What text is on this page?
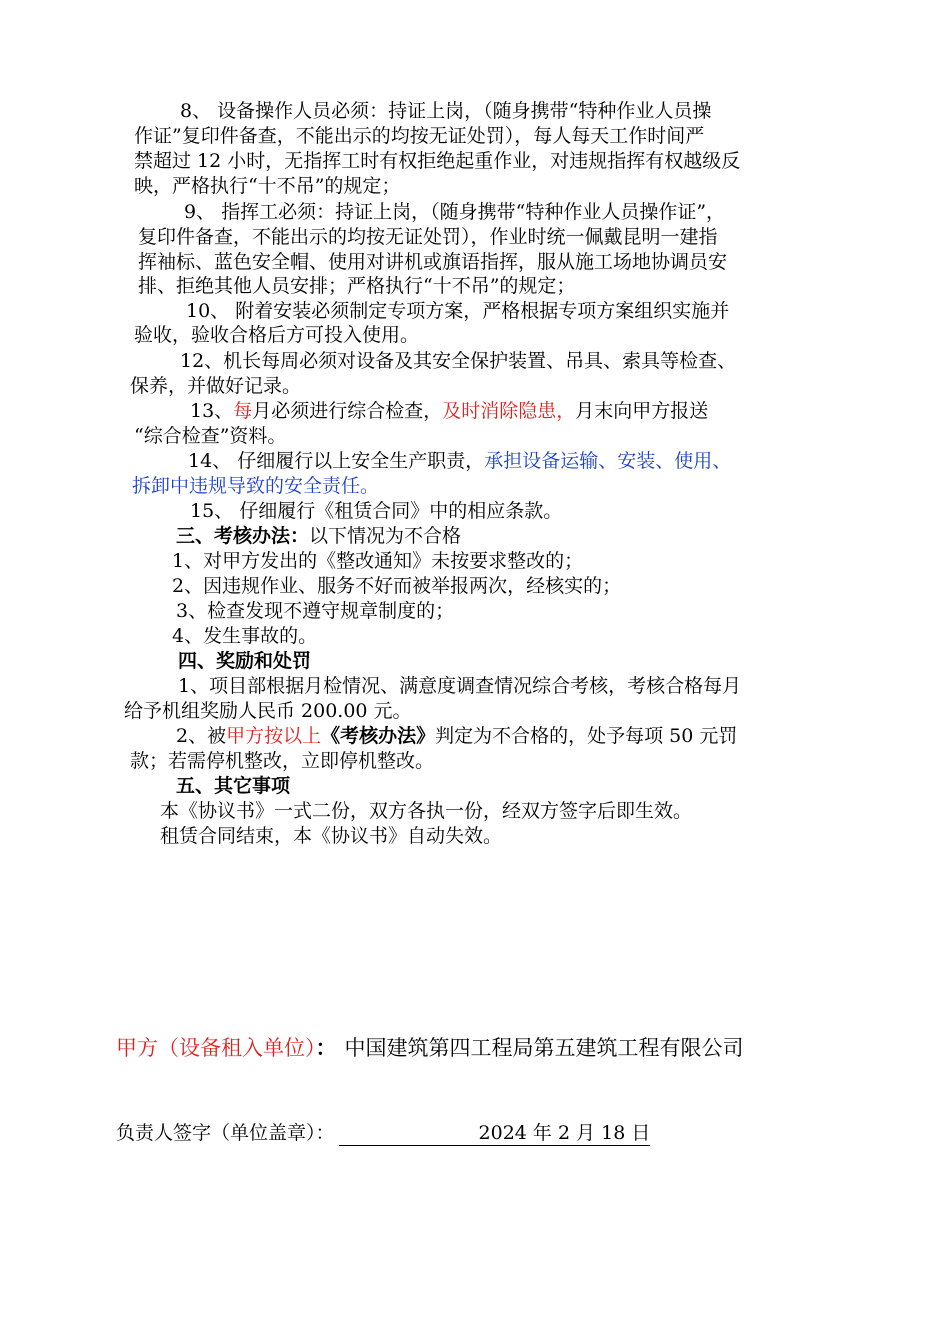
8、 设备操作人员必须：持证上岗，（随身携带“特种作业人员操
作证”复印件备查，不能出示的均按无证处罚），每人每天工作时间严
禁超过 12 小时，无指挥工时有权拒绝起重作业，对违规指挥有权越级反
映，严格执行“十不吊”的规定；
9、 指挥工必须：持证上岗，（随身携带“特种作业人员操作证”，
复印件备查，不能出示的均按无证处罚），作业时统一佩戴昆明一建指
挥袖标、蓝色安全帽、使用对讲机或旗语指挥，服从施工场地协调员安
排、拒绝其他人员安排；严格执行“十不吊”的规定；
10、 附着安装必须制定专项方案，严格根据专项方案组织实施并
验收，验收合格后方可投入使用。
12、机长每周必须对设备及其安全保护装置、吊具、索具等检查、
保养，并做好记录。
13、每月必须进行综合检查，及时消除隐患，月末向甲方报送
“综合检查”资料。
14、 仔细履行以上安全生产职责，承担设备运输、安装、使用、
拆卸中违规导致的安全责任。
15、 仔细履行《租赁合同》中的相应条款。
三、考核办法：以下情况为不合格
1、对甲方发出的《整改通知》未按要求整改的；
2、因违规作业、服务不好而被举报两次，经核实的；
3、检查发现不遵守规章制度的；
4、发生事故的。
四、奖励和处罚
1、项目部根据月检情况、满意度调查情况综合考核，考核合格每月
给予机组奖励人民币 200.00 元。
2、被甲方按以上《考核办法》判定为不合格的，处予每项 50 元罚
款；若需停机整改，立即停机整改。
五、其它事项
本《协议书》一式二份，双方各执一份，经双方签字后即生效。
租赁合同结束，本《协议书》自动失效。
甲方（设备租入单位）： 中国建筑第四工程局第五建筑工程有限公司
负责人签字（单位盖章）：	2024 年 2 月 18 日
